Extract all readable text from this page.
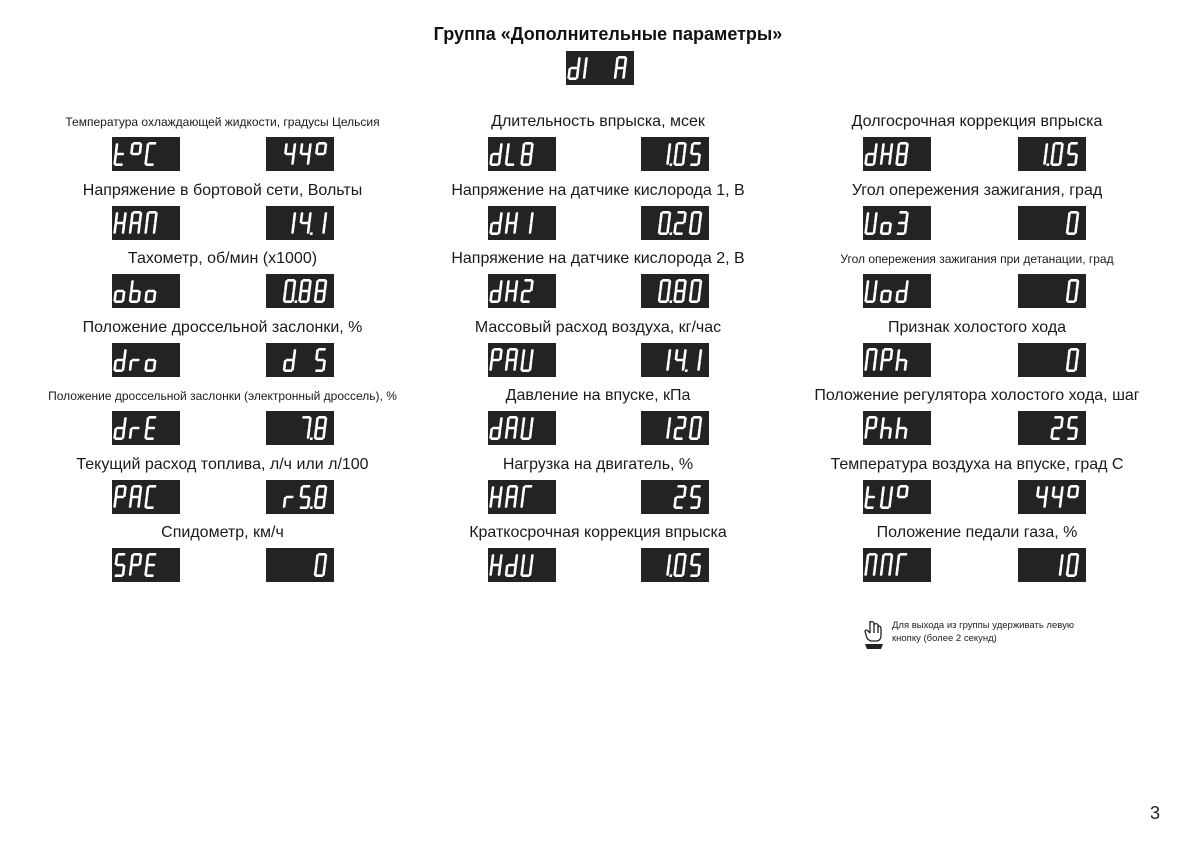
Группа «Дополнительные параметры»
Температура охлаждающей жидкости, градусы Цельсия
Напряжение в бортовой сети, Вольты
Тахометр, об/мин (x1000)
Положение дроссельной заслонки, %
Положение дроссельной заслонки (электронный дроссель), %
Текущий расход топлива, л/ч или л/100
Спидометр, км/ч
Длительность впрыска, мсек
Напряжение на датчике кислорода 1, В
Напряжение на датчике кислорода 2, В
Массовый расход воздуха, кг/час
Давление на впуске, кПа
Нагрузка на двигатель, %
Краткосрочная коррекция впрыска
Долгосрочная коррекция впрыска
Угол опережения зажигания, град
Угол опережения зажигания при детанации, град
Признак холостого хода
Положение регулятора холостого хода, шаг
Температура воздуха на впуске, град С
Положение педали газа, %
Для выхода из группы удерживать левую кнопку (более 2 секунд)
3
